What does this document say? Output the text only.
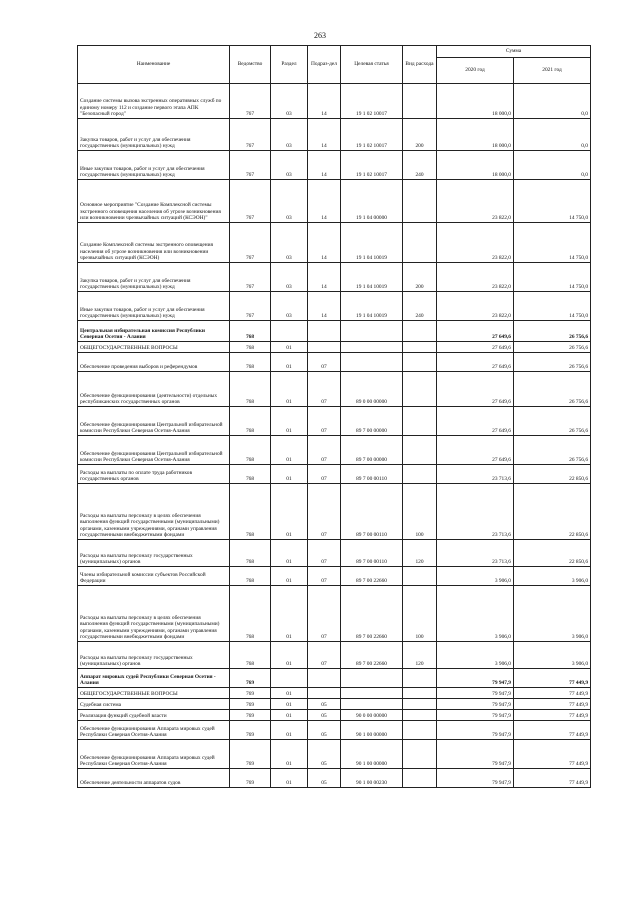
263
Наименование	Ведомство	Раздел	Подраз-дел	Целевая статья	Вид расхода	Сумма	
						2020 год	2021 год
Создание системы вызова экстренных оперативных служб по единому номеру 112 и создание первого этапа АПК "Безопасный город"	767	03	14	19 1 02 10017		18 000,0	0,0
Закупка товаров, работ и услуг для обеспечения государственных (муниципальных) нужд	767	03	14	19 1 02 10017	200	18 000,0	0,0
Иные закупки товаров, работ и услуг для обеспечения государственных (муниципальных) нужд	767	03	14	19 1 02 10017	240	18 000,0	0,0
Основное мероприятие "Создание Комплексной системы экстренного оповещения населения об угрозе возникновения или возникновении чрезвычайных ситуаций (КСЭОН)"	767	03	14	19 1 04 00000		23 822,0	14 750,0
Создание Комплексной системы экстренного оповещения населения об угрозе возникновения или возникновении чрезвычайных ситуаций (КСЭОН)	767	03	14	19 1 04 10019		23 822,0	14 750,0
Закупка товаров, работ и услуг для обеспечения государственных (муниципальных) нужд	767	03	14	19 1 04 10019	200	23 822,0	14 750,0
Иные закупки товаров, работ и услуг для обеспечения государственных (муниципальных) нужд	767	03	14	19 1 04 10019	240	23 822,0	14 750,0
Центральная избирательная комиссия Республики Северная Осетия - Алания	768					27 649,6	26 756,6
ОБЩЕГОСУДАРСТВЕННЫЕ ВОПРОСЫ	768	01				27 649,6	26 756,6
Обеспечение проведения выборов и референдумов	768	01	07			27 649,6	26 756,6
Обеспечение функционирования (деятельности) отдельных республиканских государственных органов	768	01	07	89 0 00 00000		27 649,6	26 756,6
Обеспечение функционирования Центральной избирательной комиссии Республики Северная Осетия-Алания	768	01	07	89 7 00 00000		27 649,6	26 756,6
Обеспечение функционирования Центральной избирательной комиссии Республики Северная Осетия-Алания	768	01	07	89 7 00 00000		27 649,6	26 756,6
Расходы на выплаты по оплате труда работников государственных органов	768	01	07	89 7 00 00110		23 713,6	22 850,6
Расходы на выплаты персоналу в целях обеспечения выполнения функций государственными (муниципальными) органами, казенными учреждениями, органами управления государственными внебюджетными фондами	768	01	07	89 7 00 00110	100	23 713,6	22 850,6
Расходы на выплаты персоналу государственных (муниципальных) органов	768	01	07	89 7 00 00110	120	23 713,6	22 850,6
Члены избирательной комиссии субъектов Российской Федерации	768	01	07	89 7 00 22660		3 906,0	3 906,0
Расходы на выплаты персоналу в целях обеспечения выполнения функций государственными (муниципальными) органами, казенными учреждениями, органами управления государственными внебюджетными фондами	768	01	07	89 7 00 22660	100	3 906,0	3 906,0
Расходы на выплаты персоналу государственных (муниципальных) органов	768	01	07	89 7 00 22660	120	3 906,0	3 906,0
Аппарат мировых судей Республики Северная Осетия - Алания	769					79 947,9	77 449,9
ОБЩЕГОСУДАРСТВЕННЫЕ ВОПРОСЫ	769	01				79 947,9	77 449,9
Судебная система	769	01	05			79 947,9	77 449,9
Реализация функций судебной власти	769	01	05	90 0 00 00000		79 947,9	77 449,9
Обеспечение функционирования Аппарата мировых судей Республики Северная Осетия-Алания	769	01	05	90 1 00 00000		79 947,9	77 449,9
Обеспечение функционирования Аппарата мировых судей Республики Северная Осетия-Алания	769	01	05	90 1 00 00000		79 947,9	77 449,9
Обеспечение деятельности аппаратов судов	769	01	05	90 1 00 00230		79 947,9	77 449,9
